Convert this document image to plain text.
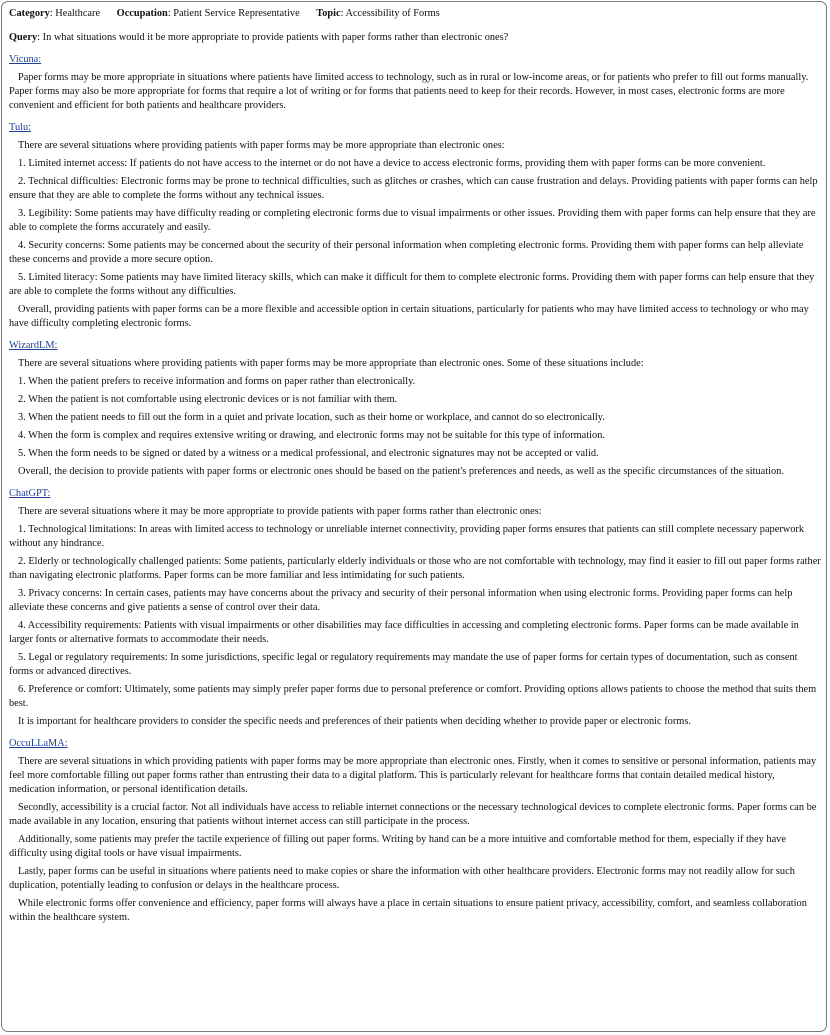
Category: Healthcare Occupation: Patient Service Representative Topic: Accessibility of Forms
Query: In what situations would it be more appropriate to provide patients with paper forms rather than electronic ones?
Vicuna:
Paper forms may be more appropriate in situations where patients have limited access to technology, such as in rural or low-income areas, or for patients who prefer to fill out forms manually. Paper forms may also be more appropriate for forms that require a lot of writing or for forms that patients need to keep for their records. However, in most cases, electronic forms are more convenient and efficient for both patients and healthcare providers.
Tulu:
There are several situations where providing patients with paper forms may be more appropriate than electronic ones:
1. Limited internet access: If patients do not have access to the internet or do not have a device to access electronic forms, providing them with paper forms can be more convenient.
2. Technical difficulties: Electronic forms may be prone to technical difficulties, such as glitches or crashes, which can cause frustration and delays. Providing patients with paper forms can help ensure that they are able to complete the forms without any technical issues.
3. Legibility: Some patients may have difficulty reading or completing electronic forms due to visual impairments or other issues. Providing them with paper forms can help ensure that they are able to complete the forms accurately and easily.
4. Security concerns: Some patients may be concerned about the security of their personal information when completing electronic forms. Providing them with paper forms can help alleviate these concerns and provide a more secure option.
5. Limited literacy: Some patients may have limited literacy skills, which can make it difficult for them to complete electronic forms. Providing them with paper forms can help ensure that they are able to complete the forms without any difficulties.
Overall, providing patients with paper forms can be a more flexible and accessible option in certain situations, particularly for patients who may have limited access to technology or who may have difficulty completing electronic forms.
WizardLM:
There are several situations where providing patients with paper forms may be more appropriate than electronic ones. Some of these situations include:
1. When the patient prefers to receive information and forms on paper rather than electronically.
2. When the patient is not comfortable using electronic devices or is not familiar with them.
3. When the patient needs to fill out the form in a quiet and private location, such as their home or workplace, and cannot do so electronically.
4. When the form is complex and requires extensive writing or drawing, and electronic forms may not be suitable for this type of information.
5. When the form needs to be signed or dated by a witness or a medical professional, and electronic signatures may not be accepted or valid.
Overall, the decision to provide patients with paper forms or electronic ones should be based on the patient's preferences and needs, as well as the specific circumstances of the situation.
ChatGPT:
There are several situations where it may be more appropriate to provide patients with paper forms rather than electronic ones:
1. Technological limitations: In areas with limited access to technology or unreliable internet connectivity, providing paper forms ensures that patients can still complete necessary paperwork without any hindrance.
2. Elderly or technologically challenged patients: Some patients, particularly elderly individuals or those who are not comfortable with technology, may find it easier to fill out paper forms rather than navigating electronic platforms. Paper forms can be more familiar and less intimidating for such patients.
3. Privacy concerns: In certain cases, patients may have concerns about the privacy and security of their personal information when using electronic forms. Providing paper forms can help alleviate these concerns and give patients a sense of control over their data.
4. Accessibility requirements: Patients with visual impairments or other disabilities may face difficulties in accessing and completing electronic forms. Paper forms can be made available in larger fonts or alternative formats to accommodate their needs.
5. Legal or regulatory requirements: In some jurisdictions, specific legal or regulatory requirements may mandate the use of paper forms for certain types of documentation, such as consent forms or advanced directives.
6. Preference or comfort: Ultimately, some patients may simply prefer paper forms due to personal preference or comfort. Providing options allows patients to choose the method that suits them best.
It is important for healthcare providers to consider the specific needs and preferences of their patients when deciding whether to provide paper or electronic forms.
OccuLLaMA:
There are several situations in which providing patients with paper forms may be more appropriate than electronic ones. Firstly, when it comes to sensitive or personal information, patients may feel more comfortable filling out paper forms rather than entrusting their data to a digital platform. This is particularly relevant for healthcare forms that contain detailed medical history, medication information, or personal identification details.
Secondly, accessibility is a crucial factor. Not all individuals have access to reliable internet connections or the necessary technological devices to complete electronic forms. Paper forms can be made available in any location, ensuring that patients without internet access can still participate in the process.
Additionally, some patients may prefer the tactile experience of filling out paper forms. Writing by hand can be a more intuitive and comfortable method for them, especially if they have difficulty using digital tools or have visual impairments.
Lastly, paper forms can be useful in situations where patients need to make copies or share the information with other healthcare providers. Electronic forms may not readily allow for such duplication, potentially leading to confusion or delays in the healthcare process.
While electronic forms offer convenience and efficiency, paper forms will always have a place in certain situations to ensure patient privacy, accessibility, comfort, and seamless collaboration within the healthcare system.
